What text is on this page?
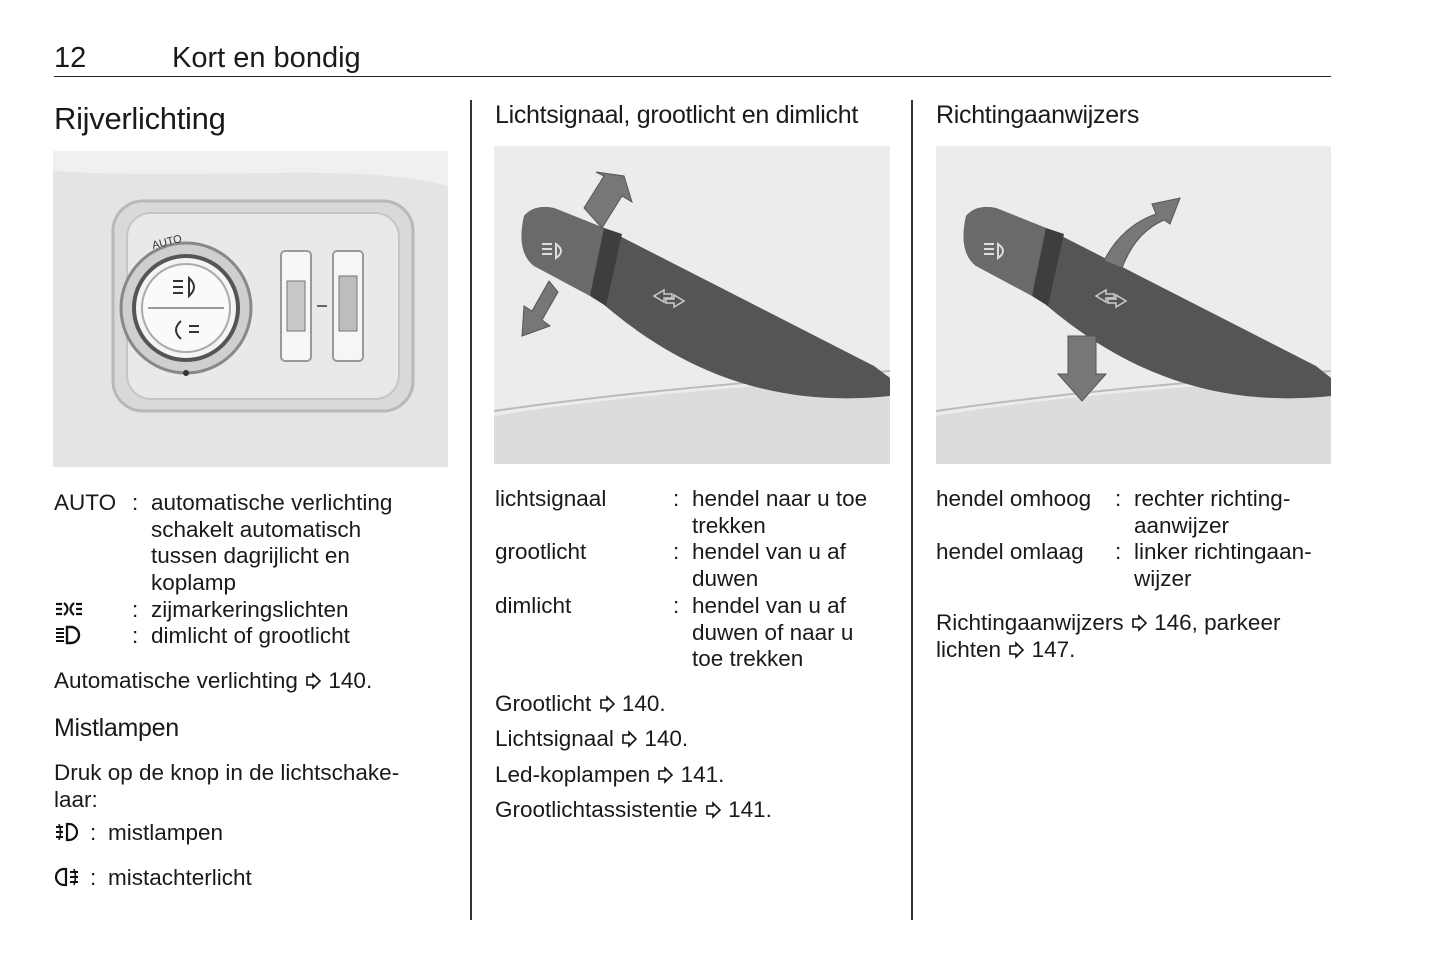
12	Kort en bondig
Rijverlichting
AUTO
AUTO : automatische verlichting schakelt automatisch tussen dagrijlicht en koplamp
: zijmarkeringslichten
: dimlicht of grootlicht
Automatische verlichting 140.
Mistlampen
Druk op de knop in de lichtschakelaar:
: mistlampen
: mistachterlicht
Lichtsignaal, grootlicht en dimlicht
lichtsignaal	: hendel naar u toe trekken
grootlicht	: hendel van u af duwen
dimlicht	: hendel van u af duwen of naar u toe trekken
Grootlicht 140.
Lichtsignaal 140.
Led-koplampen 141.
Grootlichtassistentie 141.
Richtingaanwijzers
hendel omhoog : rechter richtingaanwijzer
hendel omlaag : linker richtingaanwijzer
Richtingaanwijzers 146, parkeer
lichten 147.
